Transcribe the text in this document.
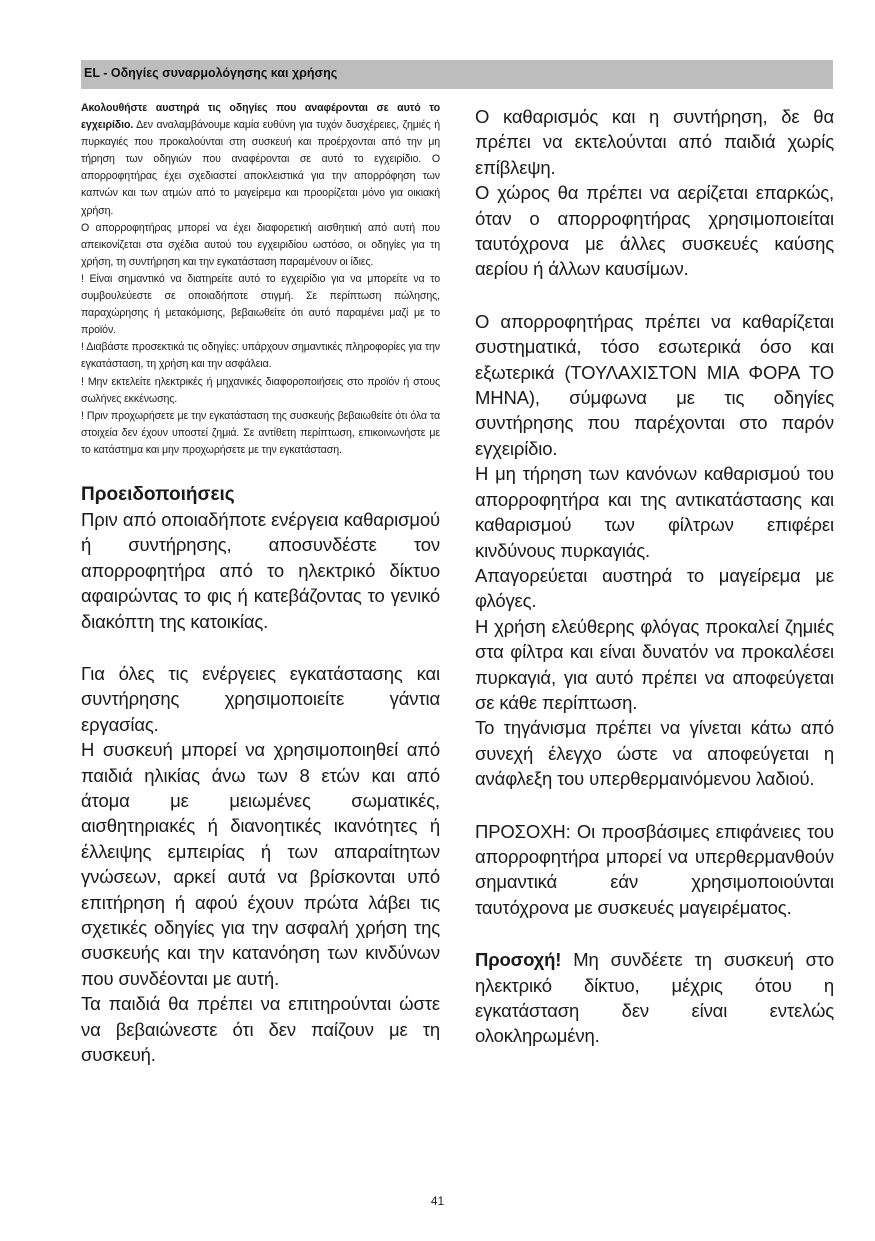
EL - Οδηγίες συναρμολόγησης και χρήσης

Ακολουθήστε αυστηρά τις οδηγίες που αναφέρονται σε αυτό το εγχειρίδιο. Δεν αναλαμβάνουμε καμία ευθύνη για τυχόν δυσχέρειες, ζημιές ή πυρκαγιές που προκαλούνται στη συσκευή και προέρχονται από την μη τήρηση των οδηγιών που αναφέρονται σε αυτό το εγχειρίδιο. Ο απορροφητήρας έχει σχεδιαστεί αποκλειστικά για την απορρόφηση των καπνών και των ατμών από το μαγείρεμα και προορίζεται μόνο για οικιακή χρήση.

Ο απορροφητήρας μπορεί να έχει διαφορετική αισθητική από αυτή που απεικονίζεται στα σχέδια αυτού του εγχειριδίου ωστόσο, οι οδηγίες για τη χρήση, τη συντήρηση και την εγκατάσταση παραμένουν οι ίδιες.

! Είναι σημαντικό να διατηρείτε αυτό το εγχειρίδιο για να μπορείτε να το συμβουλεύεστε σε οποιαδήποτε στιγμή. Σε περίπτωση πώλησης, παραχώρησης ή μετακόμισης, βεβαιωθείτε ότι αυτό παραμένει μαζί με το προϊόν.

! Διαβάστε προσεκτικά τις οδηγίες: υπάρχουν σημαντικές πληροφορίες για την εγκατάσταση, τη χρήση και την ασφάλεια.

! Μην εκτελείτε ηλεκτρικές ή μηχανικές διαφοροποιήσεις στο προϊόν ή στους σωλήνες εκκένωσης.

! Πριν προχωρήσετε με την εγκατάσταση της συσκευής βεβαιωθείτε ότι όλα τα στοιχεία δεν έχουν υποστεί ζημιά. Σε αντίθετη περίπτωση, επικοινωνήστε με το κατάστημα και μην προχωρήσετε με την εγκατάσταση.

Προειδοποιήσεις

Πριν από οποιαδήποτε ενέργεια καθαρισμού ή συντήρησης, αποσυνδέστε τον απορροφητήρα από το ηλεκτρικό δίκτυο αφαιρώντας το φις ή κατεβάζοντας το γενικό διακόπτη της κατοικίας.

Για όλες τις ενέργειες εγκατάστασης και συντήρησης χρησιμοποιείτε γάντια εργασίας.

Η συσκευή μπορεί να χρησιμοποιηθεί από παιδιά ηλικίας άνω των 8 ετών και από άτομα με μειωμένες σωματικές, αισθητηριακές ή διανοητικές ικανότητες ή έλλειψης εμπειρίας ή των απαραίτητων γνώσεων, αρκεί αυτά να βρίσκονται υπό επιτήρηση ή αφού έχουν πρώτα λάβει τις σχετικές οδηγίες για την ασφαλή χρήση της συσκευής και την κατανόηση των κινδύνων που συνδέονται με αυτή.

Τα παιδιά θα πρέπει να επιτηρούνται ώστε να βεβαιώνεστε ότι δεν παίζουν με τη συσκευή.

Ο καθαρισμός και η συντήρηση, δε θα πρέπει να εκτελούνται από παιδιά χωρίς επίβλεψη.

Ο χώρος θα πρέπει να αερίζεται επαρκώς, όταν ο απορροφητήρας χρησιμοποιείται ταυτόχρονα με άλλες συσκευές καύσης αερίου ή άλλων καυσίμων.

Ο απορροφητήρας πρέπει να καθαρίζεται συστηματικά, τόσο εσωτερικά όσο και εξωτερικά (ΤΟΥΛΑΧΙΣΤΟΝ ΜΙΑ ΦΟΡΑ ΤΟ ΜΗΝΑ), σύμφωνα με τις οδηγίες συντήρησης που παρέχονται στο παρόν εγχειρίδιο.

Η μη τήρηση των κανόνων καθαρισμού του απορροφητήρα και της αντικατάστασης και καθαρισμού των φίλτρων επιφέρει κινδύνους πυρκαγιάς.

Απαγορεύεται αυστηρά το μαγείρεμα με φλόγες.

Η χρήση ελεύθερης φλόγας προκαλεί ζημιές στα φίλτρα και είναι δυνατόν να προκαλέσει πυρκαγιά, για αυτό πρέπει να αποφεύγεται σε κάθε περίπτωση.

Το τηγάνισμα πρέπει να γίνεται κάτω από συνεχή έλεγχο ώστε να αποφεύγεται η ανάφλεξη του υπερθερμαινόμενου λαδιού.

ΠΡΟΣΟΧΗ: Οι προσβάσιμες επιφάνειες του απορροφητήρα μπορεί να υπερθερμανθούν σημαντικά εάν χρησιμοποιούνται ταυτόχρονα με συσκευές μαγειρέματος.

Προσοχή! Μη συνδέετε τη συσκευή στο ηλεκτρικό δίκτυο, μέχρις ότου η εγκατάσταση δεν είναι εντελώς ολοκληρωμένη.

41
